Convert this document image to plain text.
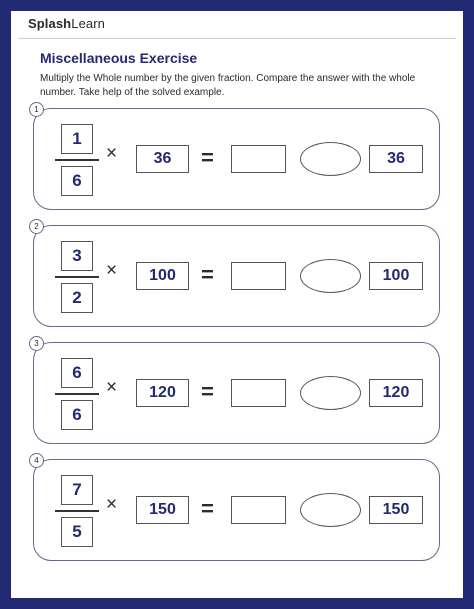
SplashLearn
Miscellaneous Exercise
Multiply the Whole number by the given fraction. Compare the answer with the whole number. Take help of the solved example.
1
1
6
×	36	=	36
2
3
2
×	100	=	100
3
6
6
×	120	=	120
4
7
5
×	150	=	150
